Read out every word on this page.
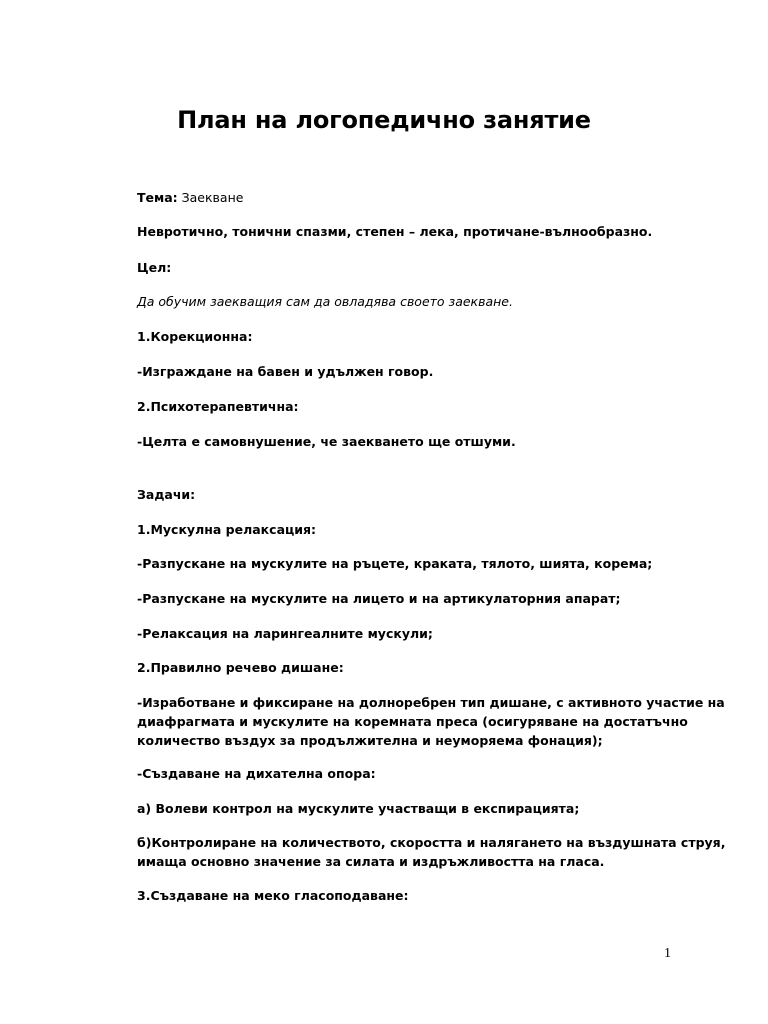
План на логопедично занятие
Тема: Заекване
Невротично, тонични спазми, степен – лека, протичане-вълнообразно.
Цел:
Да обучим заекващия сам да овладява своето заекване.
1.Корекционна:
-Изграждане на бавен и удължен говор.
2.Психотерапевтична:
-Целта е самовнушение, че заекването ще отшуми.
Задачи:
1.Мускулна релаксация:
-Разпускане на мускулите на ръцете, краката, тялото, шията, корема;
-Разпускане на мускулите на лицето и на артикулаторния апарат;
-Релаксация на ларингеалните мускули;
2.Правилно речево дишане:
-Изработване и фиксиране на долноребрен тип дишане, с активното участие на
диафрагмата и мускулите на коремната преса (осигуряване на достатъчно
количество въздух за продължителна и неуморяема фонация);
-Създаване на дихателна опора:
а) Волеви контрол на мускулите участващи в експирацията;
б)Контролиране на количеството, скоростта и налягането на въздушната струя,
имаща основно значение за силата и издръжливостта на гласа.
3.Създаване на меко гласоподаване:
1
